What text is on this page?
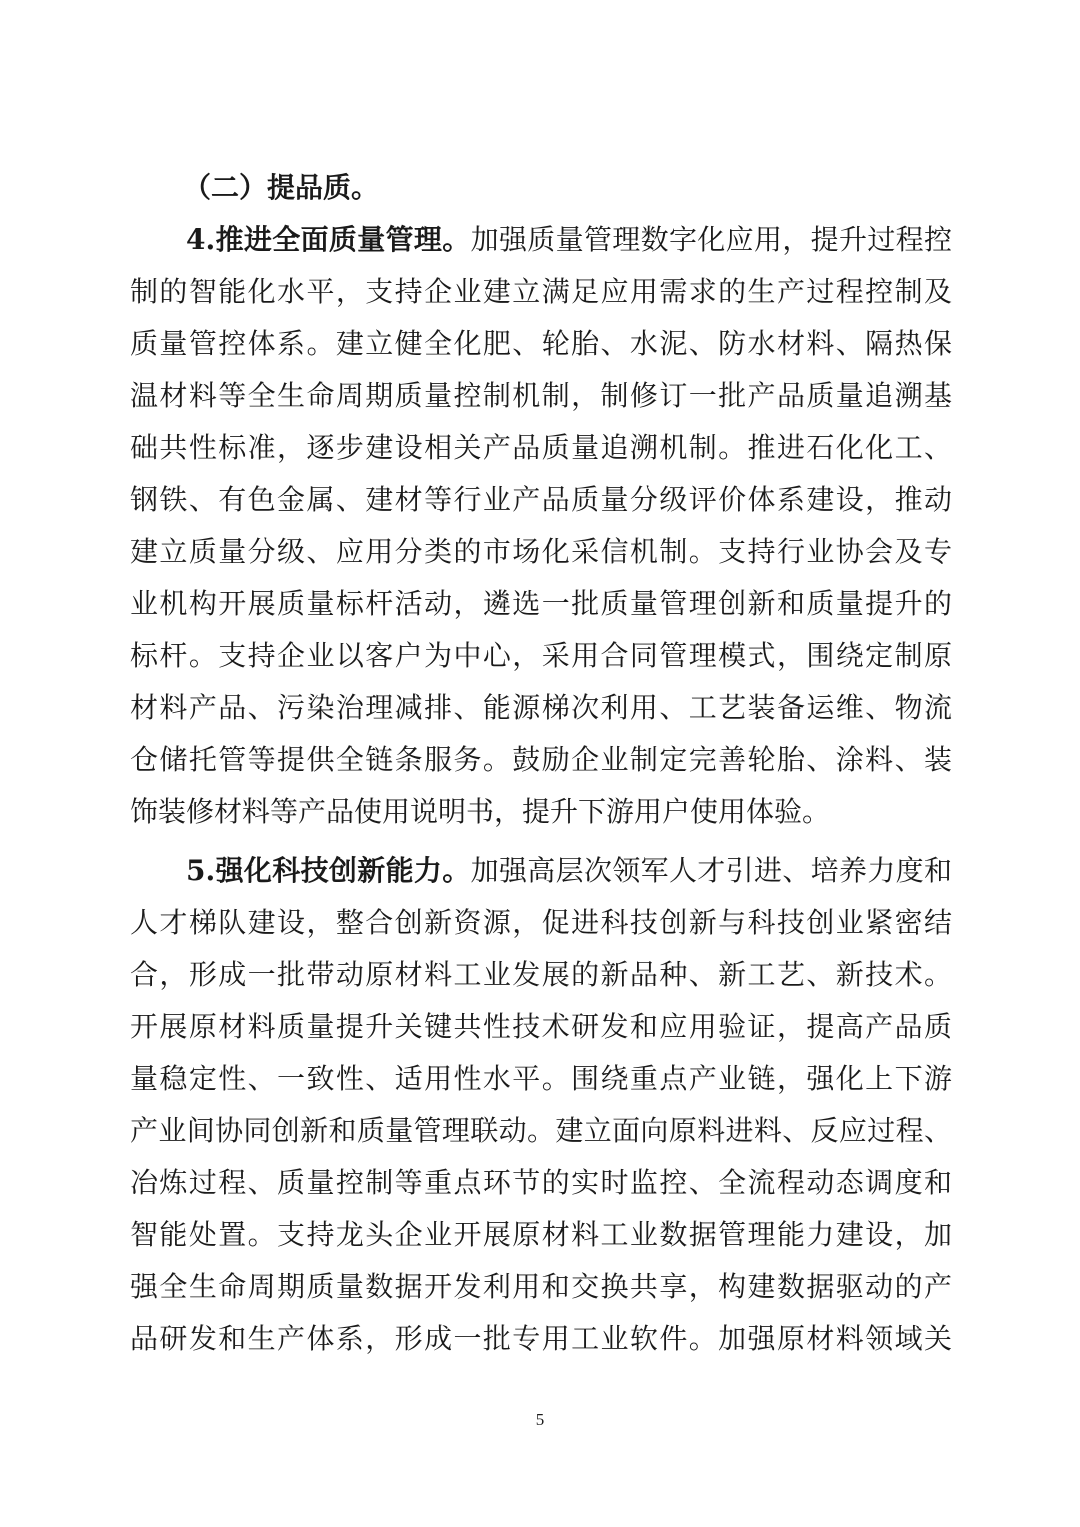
（二）提品质。
4.推进全面质量管理。加强质量管理数字化应用，提升过程控
制的智能化水平，支持企业建立满足应用需求的生产过程控制及
质量管控体系。建立健全化肥、轮胎、水泥、防水材料、隔热保
温材料等全生命周期质量控制机制，制修订一批产品质量追溯基
础共性标准，逐步建设相关产品质量追溯机制。推进石化化工、
钢铁、有色金属、建材等行业产品质量分级评价体系建设，推动
建立质量分级、应用分类的市场化采信机制。支持行业协会及专
业机构开展质量标杆活动，遴选一批质量管理创新和质量提升的
标杆。支持企业以客户为中心，采用合同管理模式，围绕定制原
材料产品、污染治理减排、能源梯次利用、工艺装备运维、物流
仓储托管等提供全链条服务。鼓励企业制定完善轮胎、涂料、装
饰装修材料等产品使用说明书，提升下游用户使用体验。
5.强化科技创新能力。加强高层次领军人才引进、培养力度和
人才梯队建设，整合创新资源，促进科技创新与科技创业紧密结
合，形成一批带动原材料工业发展的新品种、新工艺、新技术。
开展原材料质量提升关键共性技术研发和应用验证，提高产品质
量稳定性、一致性、适用性水平。围绕重点产业链，强化上下游
产业间协同创新和质量管理联动。建立面向原料进料、反应过程、
冶炼过程、质量控制等重点环节的实时监控、全流程动态调度和
智能处置。支持龙头企业开展原材料工业数据管理能力建设，加
强全生命周期质量数据开发利用和交换共享，构建数据驱动的产
品研发和生产体系，形成一批专用工业软件。加强原材料领域关
5
